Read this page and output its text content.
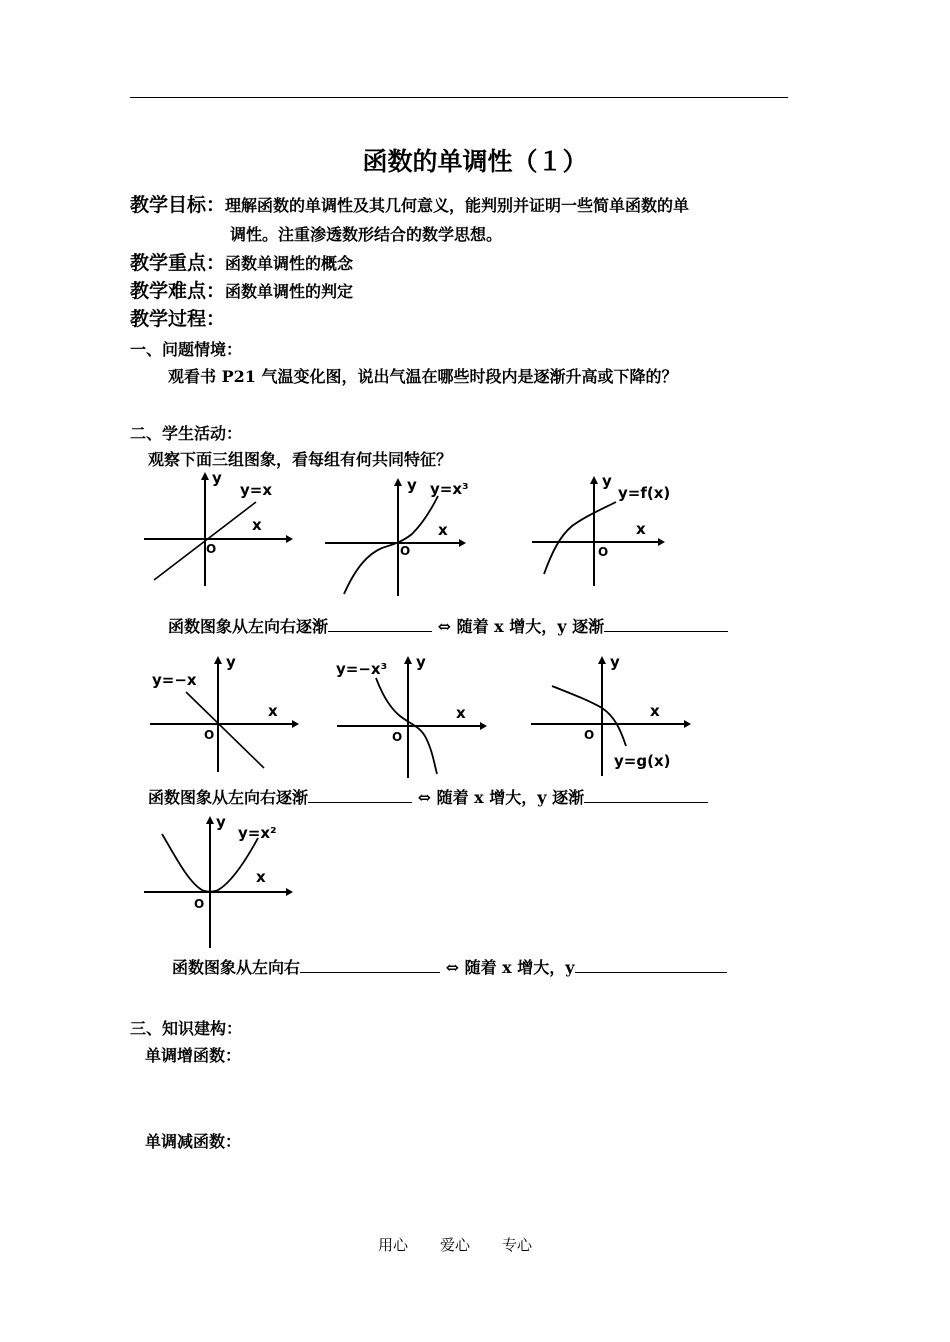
函数的单调性（１）
教学目标：理解函数的单调性及其几何意义，能判别并证明一些简单函数的单
调性。注重渗透数形结合的数学思想。
教学重点：函数单调性的概念
教学难点：函数单调性的判定
教学过程：
一、问题情境：
观看书 P21 气温变化图，说出气温在哪些时段内是逐渐升高或下降的？
二、学生活动：
观察下面三组图象，看每组有何共同特征？
y
x
O
y=x	y
x
O
y=x³	y
x
O
y=f(x)
函数图象从左向右逐渐	⇔ 随着 x 增大，y 逐渐
y
x
O
y=−x
y
x
O
y=−x³	y
x
O
y=g(x)
函数图象从左向右逐渐	⇔ 随着 x 增大，y 逐渐
y
x
O
y=x²
函数图象从左向右	⇔ 随着 x 增大，y
三、知识建构：
单调增函数：
单调减函数：
用心 爱心 专心
